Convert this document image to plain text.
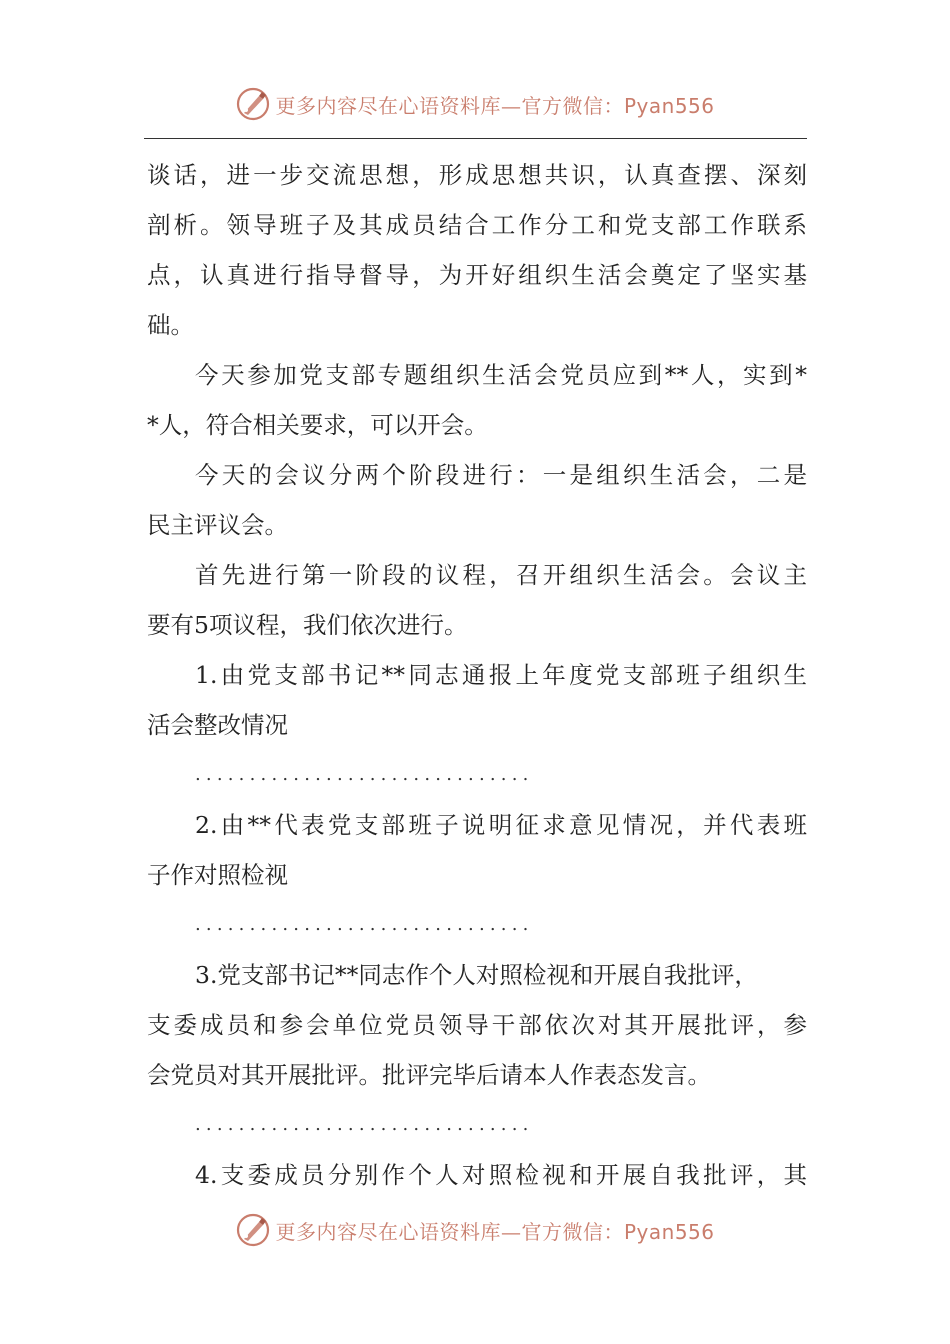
更多内容尽在心语资料库—官方微信：Pyan556
谈话，进一步交流思想，形成思想共识，认真查摆、深刻
剖析。领导班子及其成员结合工作分工和党支部工作联系
点，认真进行指导督导，为开好组织生活会奠定了坚实基
础。
今天参加党支部专题组织生活会党员应到**人，实到*
*人，符合相关要求，可以开会。
今天的会议分两个阶段进行：一是组织生活会，二是
民主评议会。
首先进行第一阶段的议程，召开组织生活会。会议主
要有5项议程，我们依次进行。
1.由党支部书记**同志通报上年度党支部班子组织生
活会整改情况
...............................
2.由**代表党支部班子说明征求意见情况，并代表班
子作对照检视
...............................
3.党支部书记**同志作个人对照检视和开展自我批评，
支委成员和参会单位党员领导干部依次对其开展批评，参
会党员对其开展批评。批评完毕后请本人作表态发言。
...............................
4.支委成员分别作个人对照检视和开展自我批评，其
更多内容尽在心语资料库—官方微信：Pyan556
